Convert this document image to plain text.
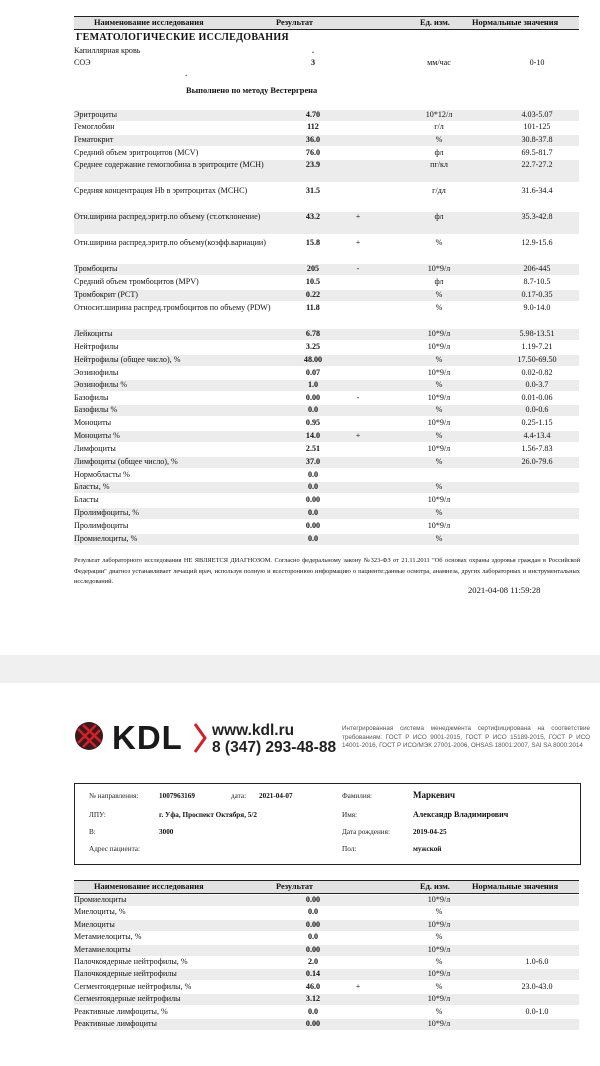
Наименование исследования	Результат	Ед. изм.	Нормальные значения
ГЕМАТОЛОГИЧЕСКИЕ ИССЛЕДОВАНИЯ
.
Выполнено по методу Вестергрена
Капиллярная кровь	.
СОЭ	3	мм/час	0-10
Эритроциты	4.70	10*12/л	4.03-5.07
Гемоглобин	112	г/л	101-125
Гематокрит	36.0	%	30.8-37.8
Средний объем эритроцитов (MCV)	76.0	фл	69.5-81.7
Среднее содержание гемоглобина в эритроците (MCH)	23.9	пг/кл	22.7-27.2
Средняя концентрация Hb в эритроцитах (MCHC)	31.5	г/дл	31.6-34.4
Отн.ширина распред.эритр.по объему (ст.отклонение)	43.2	+	фл	35.3-42.8
Отн.ширина распред.эритр.по объему(коэфф.вариации)	15.8	+	%	12.9-15.6
Тромбоциты	205	-	10*9/л	206-445
Средний объем тромбоцитов (MPV)	10.5	фл	8.7-10.5
Тромбокрит (PCT)	0.22	%	0.17-0.35
Относит.ширина распред.тромбоцитов по объему (PDW)	11.8	%	9.0-14.0
Лейкоциты	6.78	10*9/л	5.98-13.51
Нейтрофилы	3.25	10*9/л	1.19-7.21
Нейтрофилы (общее число), %	48.00	%	17.50-69.50
Эозинофилы	0.07	10*9/л	0.02-0.82
Эозинофилы %	1.0	%	0.0-3.7
Базофилы	0.00	-	10*9/л	0.01-0.06
Базофилы %	0.0	%	0.0-0.6
Моноциты	0.95	10*9/л	0.25-1.15
Моноциты %	14.0	+	%	4.4-13.4
Лимфоциты	2.51	10*9/л	1.56-7.83
Лимфоциты (общее число), %	37.0	%	26.0-79.6
Нормобласты %	0.0
Бласты, %	0.0	%
Бласты	0.00	10*9/л
Пролимфоциты, %	0.0	%
Пролимфоциты	0.00	10*9/л
Промиелоциты, %	0.0	%
Результат лабораторного исследования НЕ ЯВЛЯЕТСЯ ДИАГНОЗОМ. Согласно федеральному закону №323-ФЗ от 21.11.2011 "Об основах охраны здоровья граждан в Российской Федерации" диагноз устанавливает лечащий врач, используя полную и всестороннюю информацию о пациенте:данные осмотра, анамнеза, других лабораторных и инструментальных исследований.
2021-04-08 11:59:28
KDL www.kdl.ru
8 (347) 293-48-88
Интегрированная система менеджмента сертифицирована на соответствие требованиям: ГОСТ Р ИСО 9001-2015, ГОСТ Р ИСО 15189-2015, ГОСТ Р ИСО 14001-2016, ГОСТ Р ИСО/МЭК 27001-2006, OHSAS 18001:2007, SAI SA 8000:2014
№ направления:	1007963169	дата: 2021-04-07
ЛПУ:	г. Уфа, Проспект Октября, 5/2
В:	3000
Адрес пациента:
Фамилия:	Маркевич
Имя:	Александр Владимирович
Дата рождения:	2019-04-25
Пол:	мужской
Наименование исследования	Результат	Ед. изм.	Нормальные значения
Промиелоциты	0.00	10*9/л
Миелоциты, %	0.0	%
Миелоциты	0.00	10*9/л
Метамиелоциты, %	0.0	%
Метамиелоциты	0.00	10*9/л
Палочкоядерные нейтрофилы, %	2.0	%	1.0-6.0
Палочкоядерные нейтрофилы	0.14	10*9/л
Сегментоядерные нейтрофилы, %	46.0	+	%	23.0-43.0
Сегментоядерные нейтрофилы	3.12	10*9/л
Реактивные лимфоциты, %	0.0	%	0.0-1.0
Реактивные лимфоциты	0.00	10*9/л
